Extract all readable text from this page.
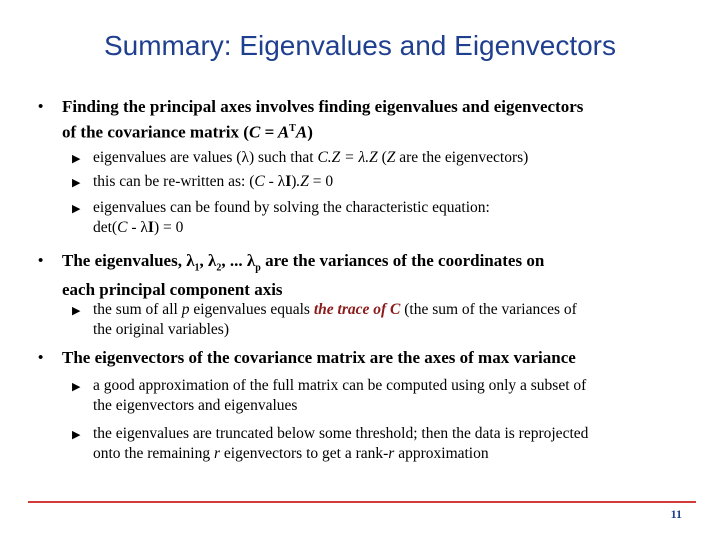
Summary: Eigenvalues and Eigenvectors
•	Finding the principal axes involves finding eigenvalues and eigenvectors
of the covariance matrix $(C = A^TA)$
▶ eigenvalues are values (λ) such that C.Z = λ.Z (Z are the eigenvectors)
▶ this can be re-written as: (C - λI).Z = 0
▶ eigenvalues can be found by solving the characteristic equation:
det(C - λI) = 0
•	The eigenvalues, $\lambda_1$, $\lambda_2$, ... $\lambda_p$ are the variances of the coordinates on
each principal component axis
▶ the sum of all p eigenvalues equals the trace of C (the sum of the variances of
the original variables)
•	The eigenvectors of the covariance matrix are the axes of max variance
▶ a good approximation of the full matrix can be computed using only a subset of
the eigenvectors and eigenvalues
▶ the eigenvalues are truncated below some threshold; then the data is reprojected
onto the remaining r eigenvectors to get a rank-r approximation
11
